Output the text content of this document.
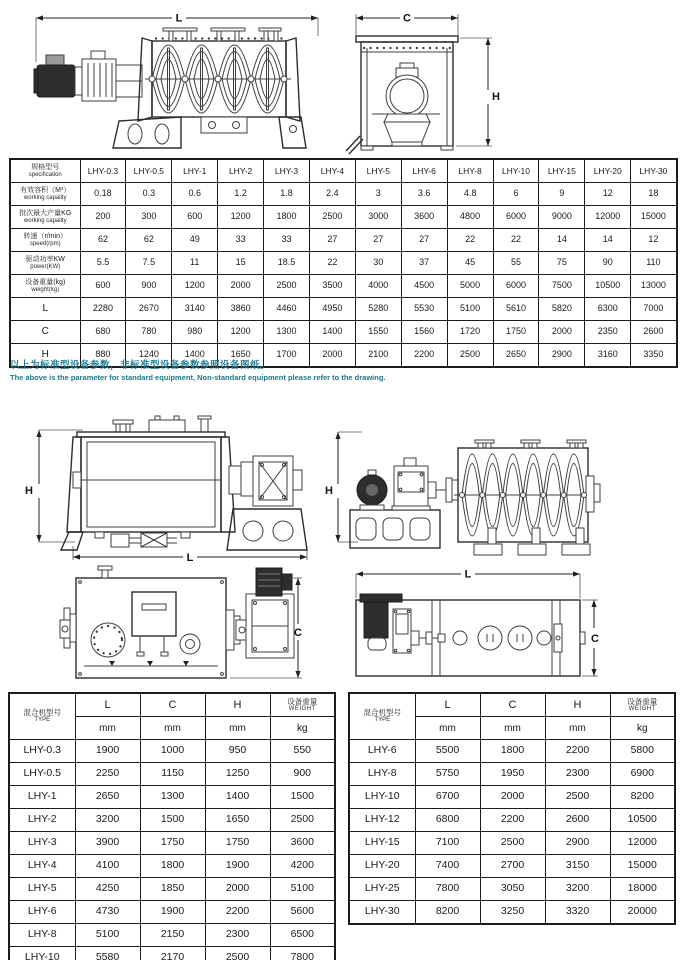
L	C
H
规格型号
specification	LHY-0.3	LHY-0.5	LHY-1	LHY-2	LHY-3	LHY-4	LHY-5	LHY-6	LHY-8	LHY-10	LHY-15	LHY-20	LHY-30

有效容积（M³）
working capality	0.18	0.3	0.6	1.2	1.8	2.4	3	3.6	4.8	6	9	12	18

批次最大产量KG
working capality	200	300	600	1200	1800	2500	3000	3600	4800	6000	9000	12000	15000

转速（r/min）
speed(rpm)	62	62	49	33	33	27	27	27	22	22	14	14	12

驱动功率KW
power(KW)	5.5	7.5	11	15	18.5	22	30	37	45	55	75	90	110

设备重量(kg)
weight(kg)	600	900	1200	2000	2500	3500	4000	4500	5000	6000	7500	10500	13000
L	2280	2670	3140	3860	4460	4950	5280	5530	5100	5610	5820	6300	7000
C	680	780	980	1200	1300	1400	1550	1560	1720	1750	2000	2350	2600
H	880	1240	1400	1650	1700	2000	2100	2200	2500	2650	2900	3160	3350
以上为标准型设备参数，非标准型设备参数参照设备图纸。
The above is the parameter for standard equipment, Non-standard equipment please refer to the drawing.
H
L
H
C
L
C
混合机型号
TYPE
	L	C	H	设备重量
WEIGHT

	mm	mm	mm	kg
LHY-0.3	1900	1000	950	550
LHY-0.5	2250	1150	1250	900
LHY-1	2650	1300	1400	1500
LHY-2	3200	1500	1650	2500
LHY-3	3900	1750	1750	3600
LHY-4	4100	1800	1900	4200
LHY-5	4250	1850	2000	5100
LHY-6	4730	1900	2200	5600
LHY-8	5100	2150	2300	6500
LHY-10	5580	2170	2500	7800
混合机型号
TYPE
	L	C	H	设备重量
WEIGHT

	mm	mm	mm	kg
LHY-6	5500	1800	2200	5800
LHY-8	5750	1950	2300	6900
LHY-10	6700	2000	2500	8200
LHY-12	6800	2200	2600	10500
LHY-15	7100	2500	2900	12000
LHY-20	7400	2700	3150	15000
LHY-25	7800	3050	3200	18000
LHY-30	8200	3250	3320	20000
